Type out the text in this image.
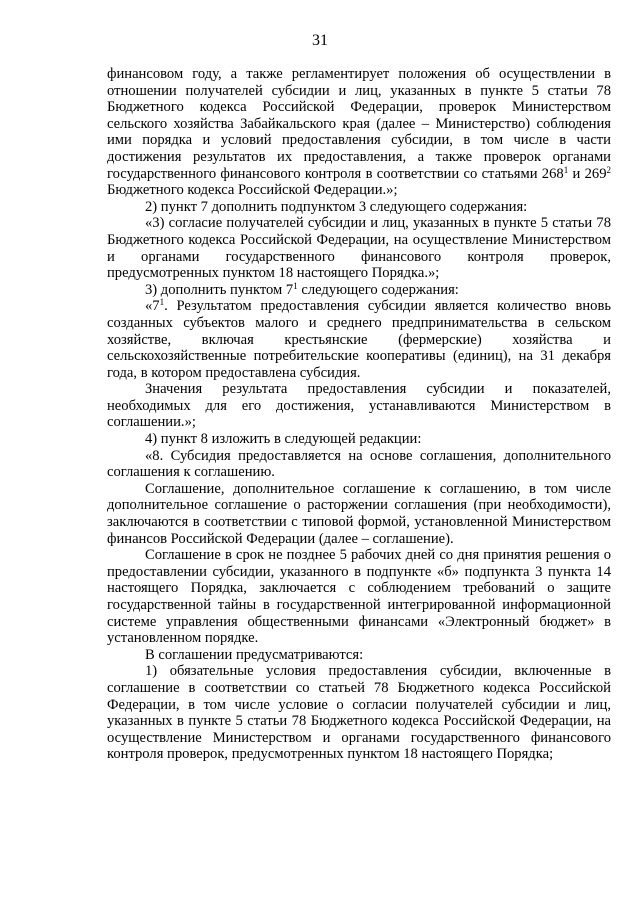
31

финансовом году, а также регламентирует положения об осуществлении в отношении получателей субсидии и лиц, указанных в пункте 5 статьи 78 Бюджетного кодекса Российской Федерации, проверок Министерством сельского хозяйства Забайкальского края (далее – Министерство) соблюдения ими порядка и условий предоставления субсидии, в том числе в части достижения результатов их предоставления, а также проверок органами государственного финансового контроля в соответствии со статьями $268^1$ и $269^2$ Бюджетного кодекса Российской Федерации.»;

2) пункт 7 дополнить подпунктом 3 следующего содержания:

«3) согласие получателей субсидии и лиц, указанных в пункте 5 статьи 78 Бюджетного кодекса Российской Федерации, на осуществление Министерством и органами государственного финансового контроля проверок, предусмотренных пунктом 18 настоящего Порядка.»;

3) дополнить пунктом $7^1$ следующего содержания:

«$7^1$. Результатом предоставления субсидии является количество вновь созданных субъектов малого и среднего предпринимательства в сельском хозяйстве, включая крестьянские (фермерские) хозяйства и сельскохозяйственные потребительские кооперативы (единиц), на 31 декабря года, в котором предоставлена субсидия.

Значения результата предоставления субсидии и показателей, необходимых для его достижения, устанавливаются Министерством в соглашении.»;

4) пункт 8 изложить в следующей редакции:

«8. Субсидия предоставляется на основе соглашения, дополнительного соглашения к соглашению.

Соглашение, дополнительное соглашение к соглашению, в том числе дополнительное соглашение о расторжении соглашения (при необходимости), заключаются в соответствии с типовой формой, установленной Министерством финансов Российской Федерации (далее – соглашение).

Соглашение в срок не позднее 5 рабочих дней со дня принятия решения о предоставлении субсидии, указанного в подпункте «б» подпункта 3 пункта 14 настоящего Порядка, заключается с соблюдением требований о защите государственной тайны в государственной интегрированной информационной системе управления общественными финансами «Электронный бюджет» в установленном порядке.

В соглашении предусматриваются:

1) обязательные условия предоставления субсидии, включенные в соглашение в соответствии со статьей 78 Бюджетного кодекса Российской Федерации, в том числе условие о согласии получателей субсидии и лиц, указанных в пункте 5 статьи 78 Бюджетного кодекса Российской Федерации, на осуществление Министерством и органами государственного финансового контроля проверок, предусмотренных пунктом 18 настоящего Порядка;
